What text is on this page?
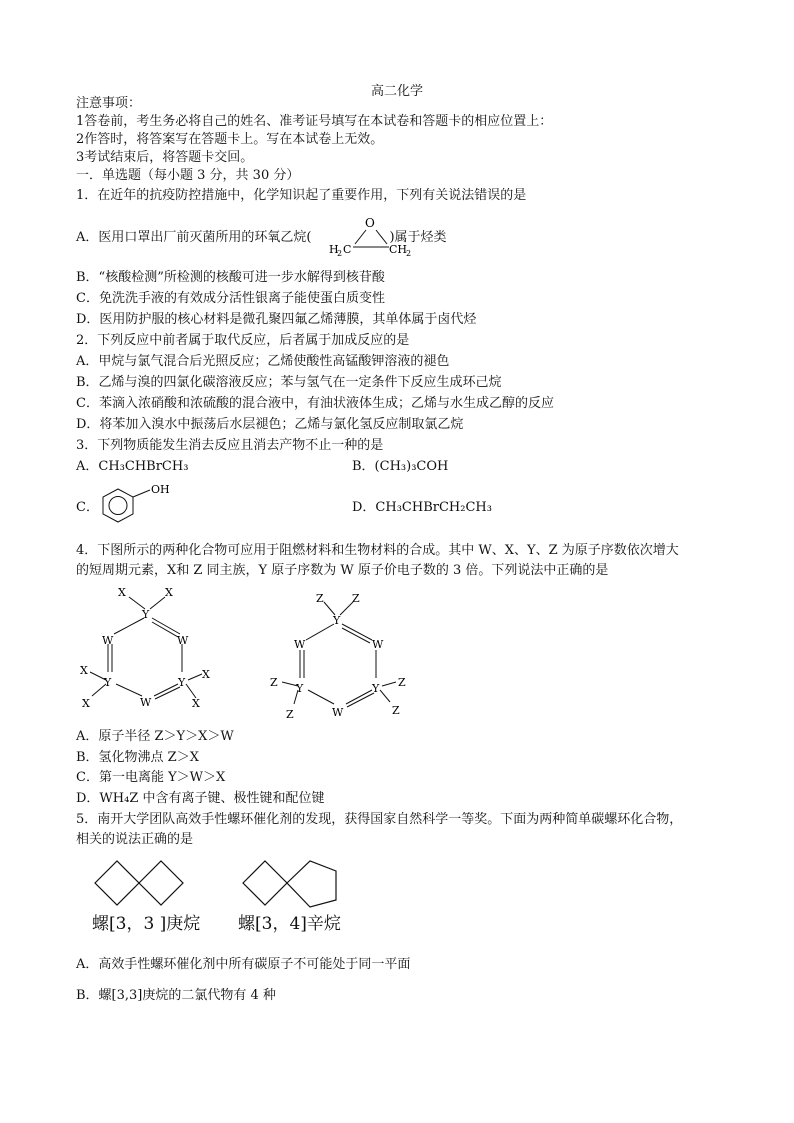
高二化学
注意事项：
1答卷前，考生务必将自己的姓名、准考证号填写在本试卷和答题卡的相应位置上：
2作答时，将答案写在答题卡上。写在本试卷上无效。
3考试结束后，将答题卡交回。
一．单选题（每小题 3 分，共 30 分）
1．在近年的抗疫防控措施中，化学知识起了重要作用，下列有关说法错误的是
A．医用口罩出厂前灭菌所用的环氧乙烷(	)属于烃类
O
H
2 C	CH
2
B．“核酸检测”所检测的核酸可进一步水解得到核苷酸
C．免洗洗手液的有效成分活性银离子能使蛋白质变性
D．医用防护服的核心材料是微孔聚四氟乙烯薄膜，其单体属于卤代烃
2．下列反应中前者属于取代反应，后者属于加成反应的是
A．甲烷与氯气混合后光照反应；乙烯使酸性高锰酸钾溶液的褪色
B．乙烯与溴的四氯化碳溶液反应；苯与氢气在一定条件下反应生成环己烷
C．苯滴入浓硝酸和浓硫酸的混合液中，有油状液体生成；乙烯与水生成乙醇的反应
D．将苯加入溴水中振荡后水层褪色；乙烯与氯化氢反应制取氯乙烷
3．下列物质能发生消去反应且消去产物不止一种的是
A．CH₃CHBrCH₃	B．(CH₃)₃COH
C．
OH
D．CH₃CHBrCH₂CH₃
4．下图所示的两种化合物可应用于阻燃材料和生物材料的合成。其中 W、X、Y、Z 为原子序数依次增大
的短周期元素，X和 Z 同主族，Y 原子序数为 W 原子价电子数的 3 倍。下列说法中正确的是
X	X
Y
W	W
X
Y	Y
X
W
X	X
Z	Z
Y
W	W
Z Y	Y Z
W
Z	Z
A．原子半径 Z＞Y＞X＞W
B．氢化物沸点 Z＞X
C．第一电离能 Y＞W＞X
D．WH₄Z 中含有离子键、极性键和配位键
5．南开大学团队高效手性螺环催化剂的发现，获得国家自然科学一等奖。下面为两种简单碳螺环化合物，
相关的说法正确的是
螺[3，3 ]庚烷 螺[3，4]辛烷
A．高效手性螺环催化剂中所有碳原子不可能处于同一平面
B．螺[3,3]庚烷的二氯代物有 4 种
